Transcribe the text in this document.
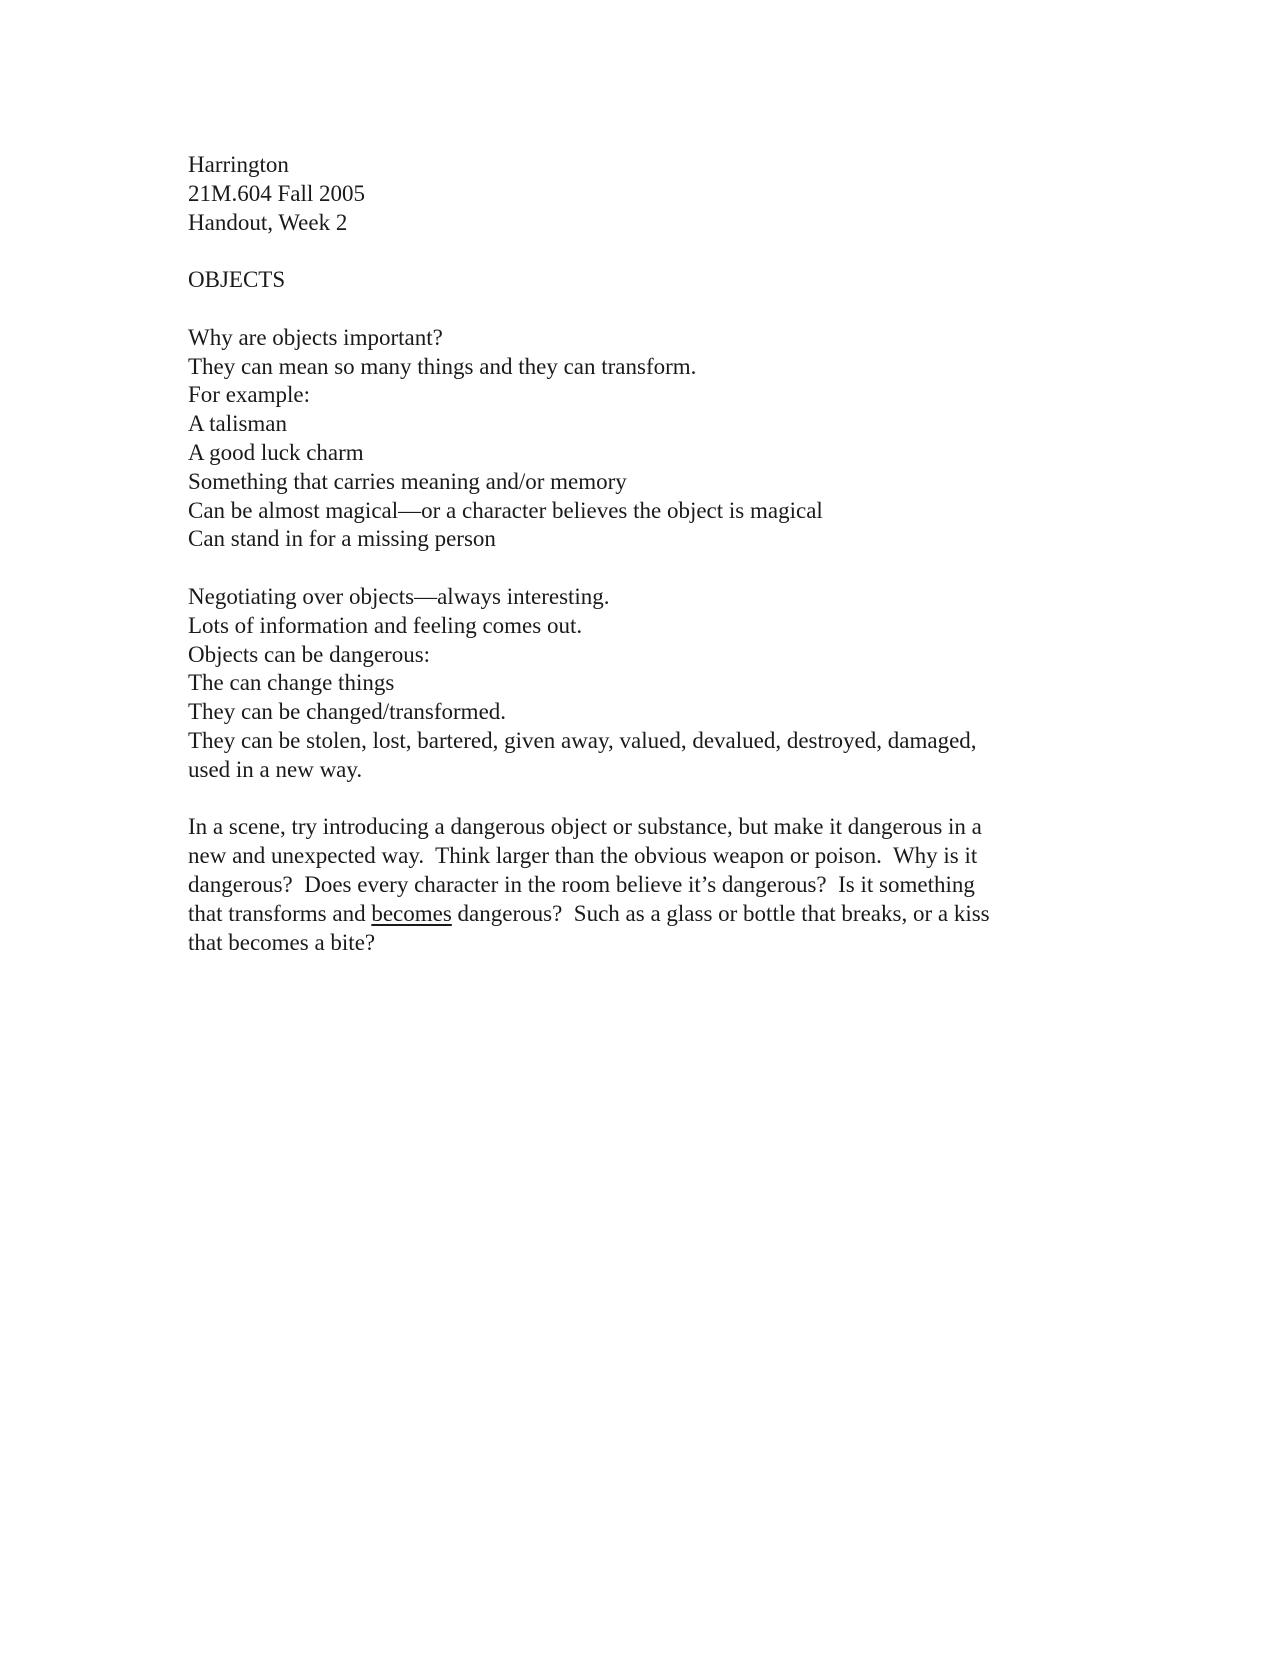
Harrington
21M.604 Fall 2005
Handout, Week 2
OBJECTS
Why are objects important?
They can mean so many things and they can transform.
For example:
A talisman
A good luck charm
Something that carries meaning and/or memory
Can be almost magical—or a character believes the object is magical
Can stand in for a missing person
Negotiating over objects—always interesting.
Lots of information and feeling comes out.
Objects can be dangerous:
The can change things
They can be changed/transformed.
They can be stolen, lost, bartered, given away, valued, devalued, destroyed, damaged,
used in a new way.
In a scene, try introducing a dangerous object or substance, but make it dangerous in a
new and unexpected way.  Think larger than the obvious weapon or poison.  Why is it
dangerous?  Does every character in the room believe it’s dangerous?  Is it something
that transforms and becomes dangerous?  Such as a glass or bottle that breaks, or a kiss
that becomes a bite?
